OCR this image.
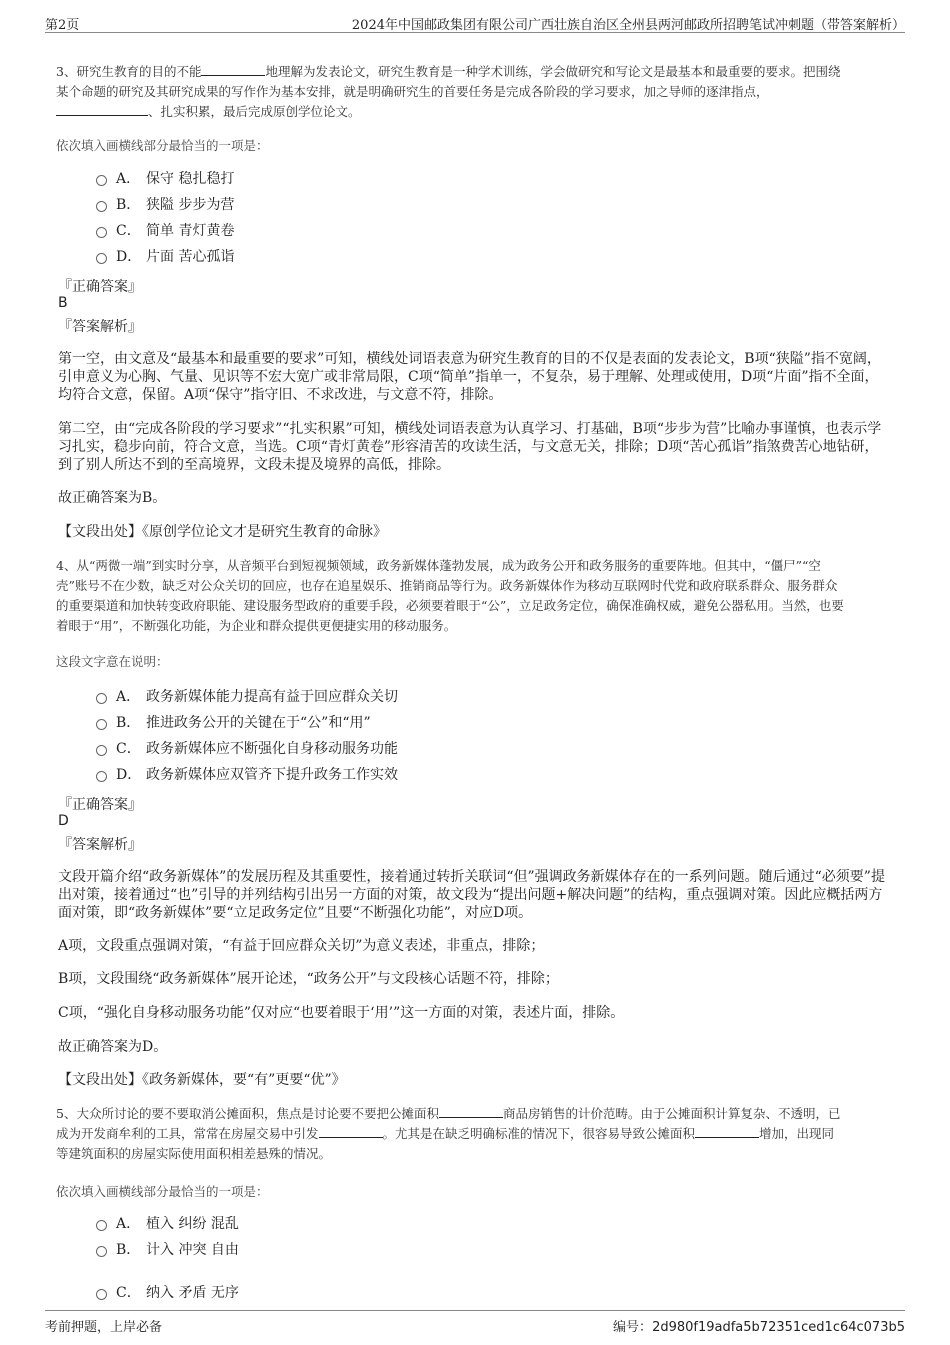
第2页	2024年中国邮政集团有限公司广西壮族自治区全州县两河邮政所招聘笔试冲刺题（带答案解析）

3、研究生教育的目的不能	地理解为发表论文，研究生教育是一种学术训练，学会做研究和写论文是最基本和最重要的要求。把围绕
某个命题的研究及其研究成果的写作作为基本安排，就是明确研究生的首要任务是完成各阶段的学习要求，加之导师的逐津指点，
、扎实积累，最后完成原创学位论文。

依次填入画横线部分最恰当的一项是：
A． 保守 稳扎稳打
B． 狭隘 步步为营
C． 简单 青灯黄卷
D． 片面 苦心孤诣
『正确答案』
B
『答案解析』

第一空，由文意及“最基本和最重要的要求”可知，横线处词语表意为研究生教育的目的不仅是表面的发表论文，B项“狭隘”指不宽阔，引申意义为心胸、气量、见识等不宏大宽广或非常局限，C项“简单”指单一，不复杂，易于理解、处理或使用，D项“片面”指不全面，均符合文意，保留。A项“保守”指守旧、不求改进，与文意不符，排除。

第二空，由“完成各阶段的学习要求”“扎实积累”可知，横线处词语表意为认真学习、打基础，B项“步步为营”比喻办事谨慎，也表示学习扎实，稳步向前，符合文意，当选。C项“青灯黄卷”形容清苦的攻读生活，与文意无关，排除；D项“苦心孤诣”指煞费苦心地钻研，到了别人所达不到的至高境界，文段未提及境界的高低，排除。

故正确答案为B。

【文段出处】《原创学位论文才是研究生教育的命脉》

4、从“两微一端”到实时分享，从音频平台到短视频领域，政务新媒体蓬勃发展，成为政务公开和政务服务的重要阵地。但其中，“僵尸”“空
壳”账号不在少数，缺乏对公众关切的回应，也存在追星娱乐、推销商品等行为。政务新媒体作为移动互联网时代党和政府联系群众、服务群众
的重要渠道和加快转变政府职能、建设服务型政府的重要手段，必须要着眼于“公”，立足政务定位，确保准确权威，避免公器私用。当然，也要
着眼于“用”，不断强化功能，为企业和群众提供更便捷实用的移动服务。

这段文字意在说明：
A． 政务新媒体能力提高有益于回应群众关切
B． 推进政务公开的关键在于“公”和“用”
C． 政务新媒体应不断强化自身移动服务功能
D． 政务新媒体应双管齐下提升政务工作实效
『正确答案』
D
『答案解析』

文段开篇介绍“政务新媒体”的发展历程及其重要性，接着通过转折关联词“但”强调政务新媒体存在的一系列问题。随后通过“必须要”提出对策，接着通过“也”引导的并列结构引出另一方面的对策，故文段为“提出问题+解决问题”的结构，重点强调对策。因此应概括两方面对策，即“政务新媒体”要“立足政务定位”且要“不断强化功能”，对应D项。

A项，文段重点强调对策，“有益于回应群众关切”为意义表述，非重点，排除；

B项，文段围绕“政务新媒体”展开论述，“政务公开”与文段核心话题不符，排除；

C项，“强化自身移动服务功能”仅对应“也要着眼于‘用’”这一方面的对策，表述片面，排除。

故正确答案为D。

【文段出处】《政务新媒体，要“有”更要“优”》

5、大众所讨论的要不要取消公摊面积，焦点是讨论要不要把公摊面积	商品房销售的计价范畴。由于公摊面积计算复杂、不透明，已
成为开发商牟利的工具，常常在房屋交易中引发	。尤其是在缺乏明确标准的情况下，很容易导致公摊面积	增加，出现同
等建筑面积的房屋实际使用面积相差悬殊的情况。

依次填入画横线部分最恰当的一项是：
A． 植入 纠纷 混乱
B． 计入 冲突 自由
C． 纳入 矛盾 无序
考前押题，上岸必备	编号：2d980f19adfa5b72351ced1c64c073b5
